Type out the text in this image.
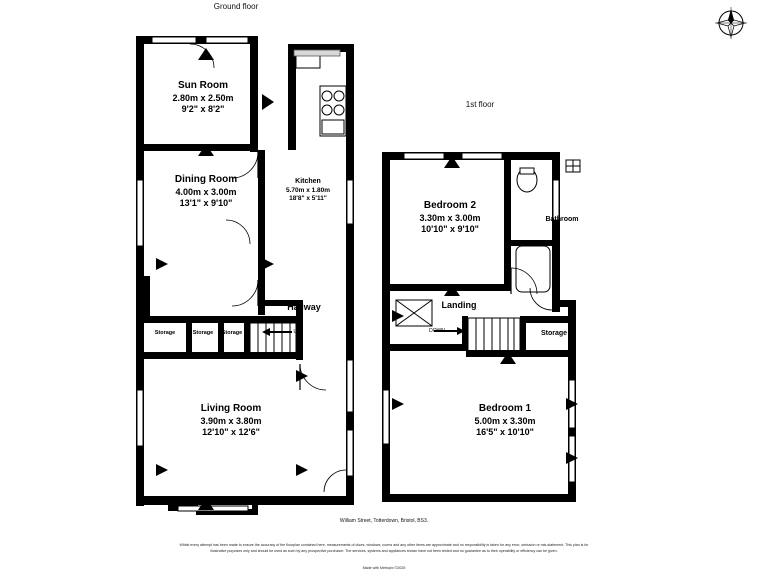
Ground floor
1st floor
Sun Room
2.80m x 2.50m
9'2" x 8'2"
Dining Room
4.00m x 3.00m
13'1" x 9'10"
Kitchen
5.70m x 1.80m
18'8" x 5'11"
Living Room
3.90m x 3.80m
12'10" x 12'6"
Hallway
Storage	Storage	Storage	UP
Bedroom 2
3.30m x 3.00m
10'10" x 9'10"
Bedroom 1
5.00m x 3.30m
16'5" x 10'10"
Bathroom
Landing
Storage
DOWN
William Street, Totterdown, Bristol, BS3.
Whilst every attempt has been made to ensure the accuracy of the floorplan contained here, measurements of doors, windows, rooms and any other items are approximate and no responsibility is taken for any error, omission or mis-statement. This plan is for illustrative purposes only and should be used as such by any prospective purchaser. The services, systems and appliances shown have not been tested and no guarantee as to their operability or efficiency can be given.
Made with Metropix ©2025
